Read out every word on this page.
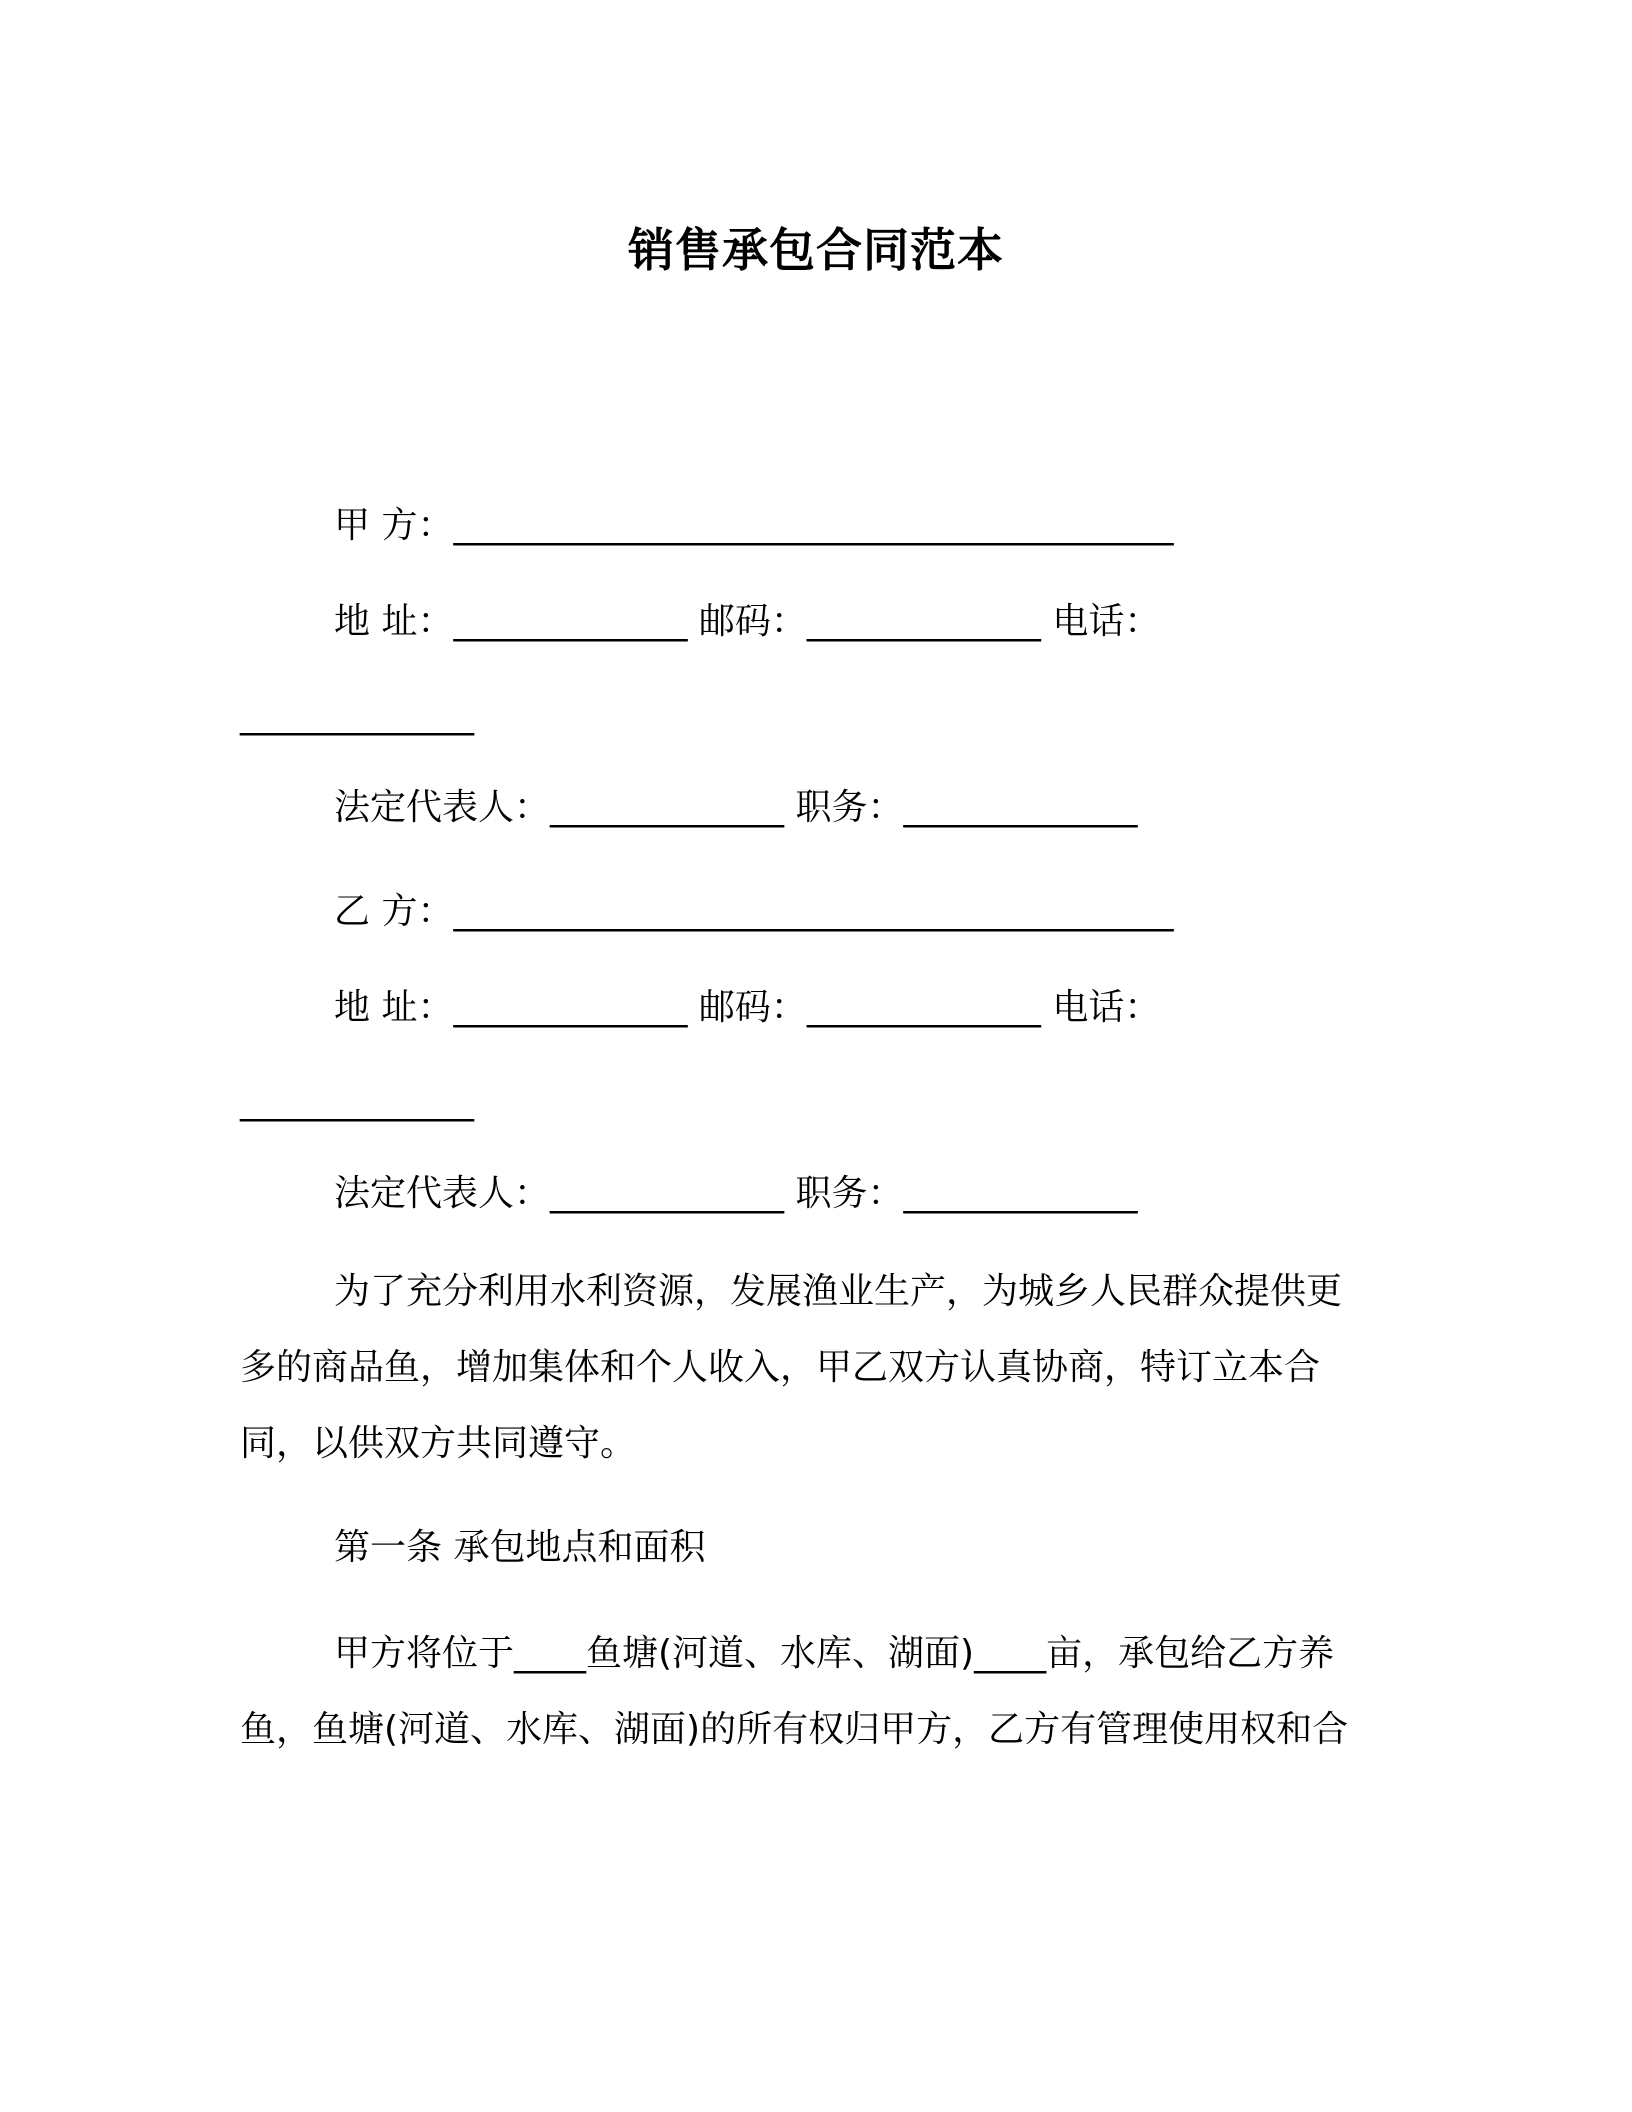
销售承包合同范本
甲 方：________________________________________
地 址：_____________ 邮码：_____________ 电话：
_____________
法定代表人：_____________ 职务：_____________
乙 方：________________________________________
地 址：_____________ 邮码：_____________ 电话：
_____________
法定代表人：_____________ 职务：_____________
为了充分利用水利资源，发展渔业生产，为城乡人民群众提供更
多的商品鱼，增加集体和个人收入，甲乙双方认真协商，特订立本合
同，以供双方共同遵守。
第一条 承包地点和面积
甲方将位于____鱼塘(河道、水库、湖面)____亩，承包给乙方养
鱼，鱼塘(河道、水库、湖面)的所有权归甲方，乙方有管理使用权和合
